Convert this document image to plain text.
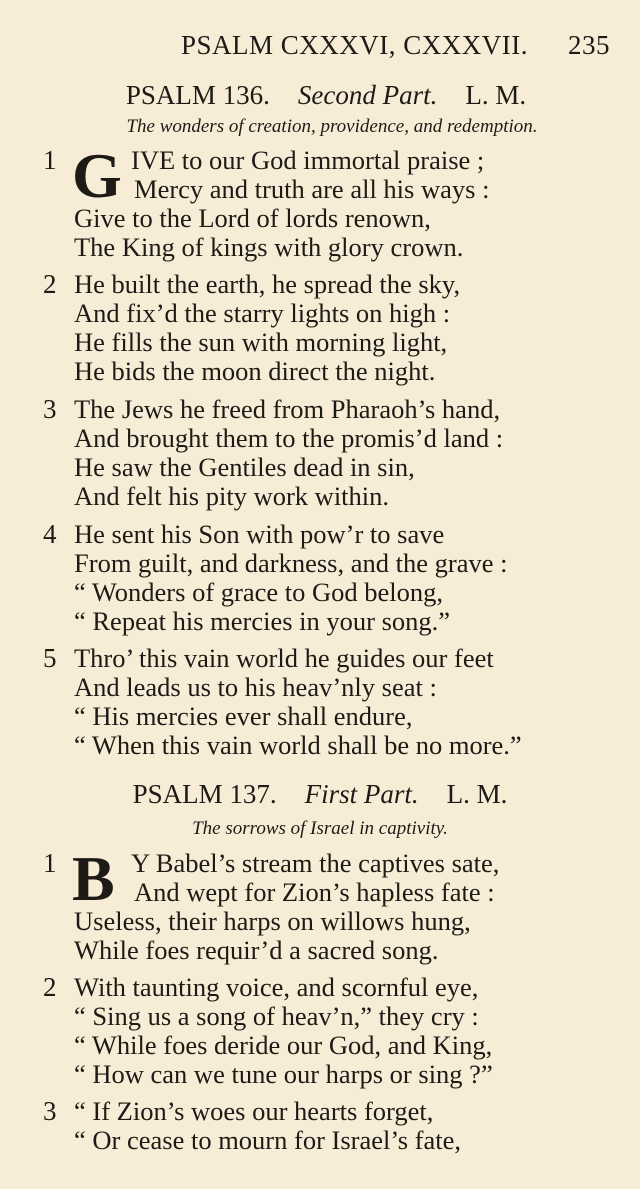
PSALM CXXXVI, CXXXVII. 235
PSALM 136. Second Part. L. M.
The wonders of creation, providence, and redemption.
1 G IVE to our God immortal praise ;
Mercy and truth are all his ways :
Give to the Lord of lords renown,
The King of kings with glory crown.
2 He built the earth, he spread the sky,
And fix’d the starry lights on high :
He fills the sun with morning light,
He bids the moon direct the night.
3 The Jews he freed from Pharaoh’s hand,
And brought them to the promis’d land :
He saw the Gentiles dead in sin,
And felt his pity work within.
4 He sent his Son with pow’r to save
From guilt, and darkness, and the grave :
“ Wonders of grace to God belong,
“ Repeat his mercies in your song.”
5 Thro’ this vain world he guides our feet
And leads us to his heav’nly seat :
“ His mercies ever shall endure,
“ When this vain world shall be no more.”
PSALM 137. First Part. L. M.
The sorrows of Israel in captivity.
1 B Y Babel’s stream the captives sate,
And wept for Zion’s hapless fate :
Useless, their harps on willows hung,
While foes requir’d a sacred song.
2 With taunting voice, and scornful eye,
“ Sing us a song of heav’n,” they cry :
“ While foes deride our God, and King,
“ How can we tune our harps or sing ?”
3 “ If Zion’s woes our hearts forget,
“ Or cease to mourn for Israel’s fate,
